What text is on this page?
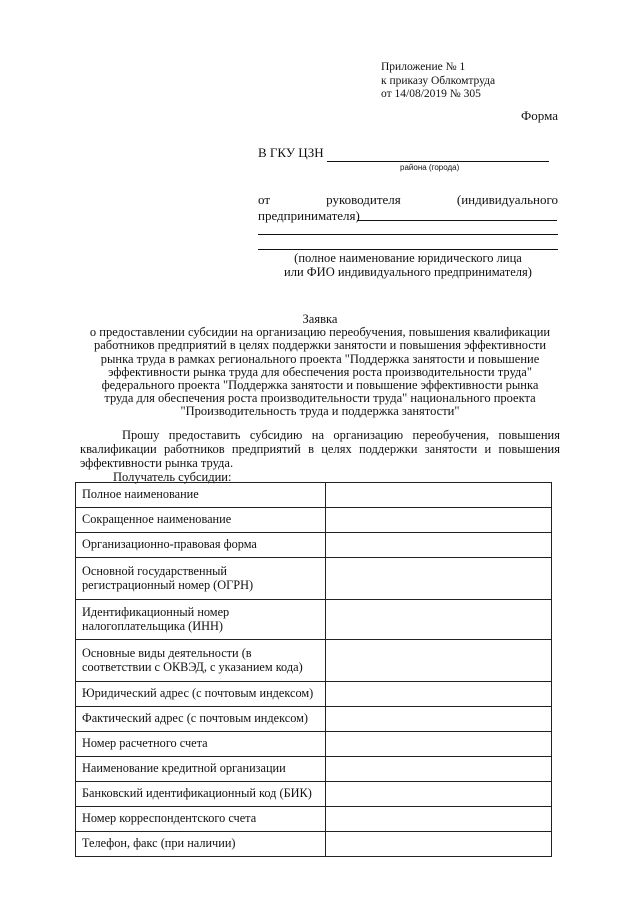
Приложение № 1
к приказу Облкомтруда
от 14/08/2019 № 305
Форма
В ГКУ ЦЗН
района (города)
от	руководителя	(индивидуального
предпринимателя)
(полное наименование юридического лица
или ФИО индивидуального предпринимателя)
Заявка
о предоставлении субсидии на организацию переобучения, повышения квалификации
работников предприятий в целях поддержки занятости и повышения эффективности
рынка труда в рамках регионального проекта "Поддержка занятости и повышение
эффективности рынка труда для обеспечения роста производительности труда"
федерального проекта "Поддержка занятости и повышение эффективности рынка
труда для обеспечения роста производительности труда" национального проекта
"Производительность труда и поддержка занятости"
Прошу предоставить субсидию на организацию переобучения, повышения квалификации работников предприятий в целях поддержки занятости и повышения эффективности рынка труда.
Получатель субсидии:
Полное наименование	
Сокращенное наименование	
Организационно-правовая форма	
Основной государственный регистрационный номер (ОГРН)	
Идентификационный номер налогоплательщика (ИНН)	
Основные виды деятельности (в соответствии с ОКВЭД, с указанием кода)	
Юридический адрес (с почтовым индексом)	
Фактический адрес (с почтовым индексом)	
Номер расчетного счета	
Наименование кредитной организации	
Банковский идентификационный код (БИК)	
Номер корреспондентского счета	
Телефон, факс (при наличии)	
